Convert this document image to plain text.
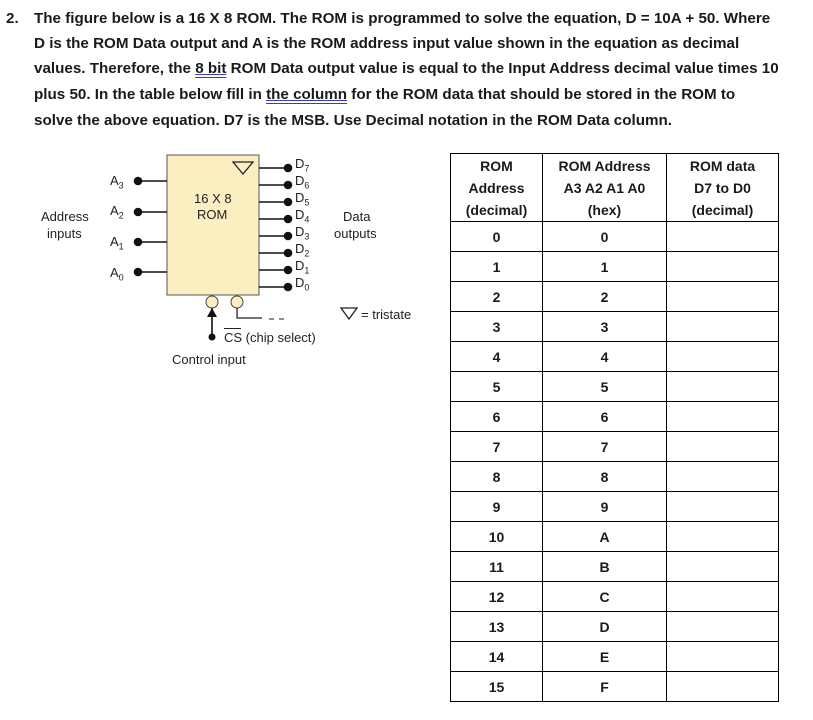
2. The figure below is a 16 X 8 ROM. The ROM is programmed to solve the equation, D = 10A + 50. Where
D is the ROM Data output and A is the ROM address input value shown in the equation as decimal
values. Therefore, the 8 bit ROM Data output value is equal to the Input Address decimal value times 10
plus 50. In the table below fill in the column for the ROM data that should be stored in the ROM to
solve the above equation. D7 is the MSB. Use Decimal notation in the ROM Data column.
$A_3$
$A_2$
$A_1$
$A_0$
$D_7$
$D_6$
$D_5$
$D_4$
$D_3$
$D_2$
$D_1$
$D_0$
16 X 8
ROM
Address
inputs
Data
outputs
= tristate
CS (chip select)
Control input
ROM
Address
(decimal)	ROM Address
A3 A2 A1 A0
(hex)	ROM data
D7 to D0
(decimal)

0	0	
1	1	
2	2	
3	3	
4	4	
5	5	
6	6	
7	7	
8	8	
9	9	
10	A	
11	B	
12	C	
13	D	
14	E	
15	F	
